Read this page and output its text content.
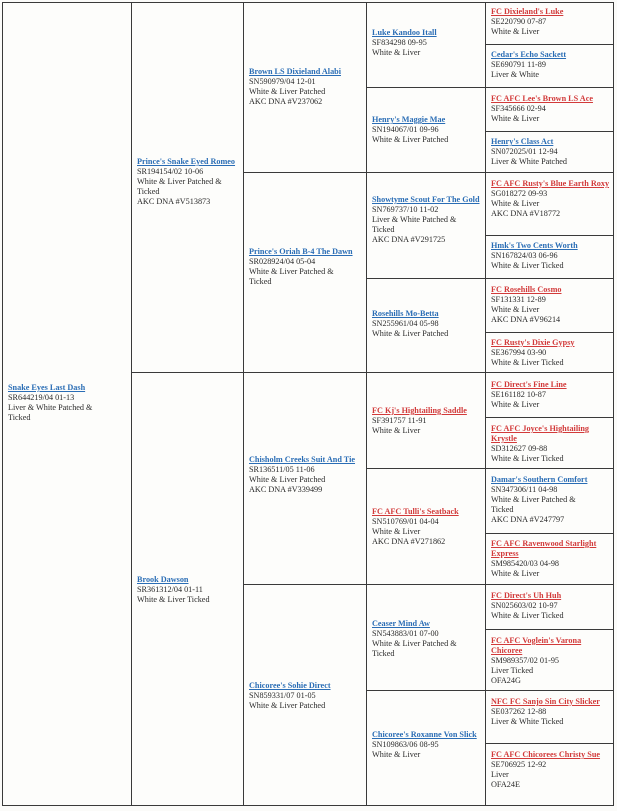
Snake Eyes Last Dash
SR644219/04 01-13
Liver & White Patched &
Ticked
Prince's Snake Eyed Romeo
SR194154/02 10-06
White & Liver Patched &
Ticked
AKC DNA #V513873
Brook Dawson
SR361312/04 01-11
White & Liver Ticked
Brown LS Dixieland Alabi
SN590979/04 12-01
White & Liver Patched
AKC DNA #V237062
Prince's Oriah B-4 The Dawn
SR028924/04 05-04
White & Liver Patched &
Ticked
Chisholm Creeks Suit And Tie
SR136511/05 11-06
White & Liver Patched
AKC DNA #V339499
Chicoree's Sohie Direct
SN859331/07 01-05
White & Liver Patched
Luke Kandoo Itall
SF834298 09-95
White & Liver
Henry's Maggie Mae
SN194067/01 09-96
White & Liver Patched
Showtyme Scout For The Gold
SN769737/10 11-02
Liver & White Patched &
Ticked
AKC DNA #V291725
Rosehills Mo-Betta
SN255961/04 05-98
White & Liver Patched
FC Kj's Hightailing Saddle
SF391757 11-91
White & Liver
FC AFC Tulli's Seatback
SN510769/01 04-04
White & Liver
AKC DNA #V271862
Ceaser Mind Aw
SN543883/01 07-00
White & Liver Patched &
Ticked
Chicoree's Roxanne Von Slick
SN109863/06 08-95
White & Liver
FC Dixieland's Luke
SE220790 07-87
White & Liver
Cedar's Echo Sackett
SE690791 11-89
Liver & White
FC AFC Lee's Brown LS Ace
SF345666 02-94
White & Liver
Henry's Class Act
SN072025/01 12-94
Liver & White Patched
FC AFC Rusty's Blue Earth Roxy
SG018272 09-93
White & Liver
AKC DNA #V18772
Hmk's Two Cents Worth
SN167824/03 06-96
White & Liver Ticked
FC Rosehills Cosmo
SF131331 12-89
White & Liver
AKC DNA #V96214
FC Rusty's Dixie Gypsy
SE367994 03-90
White & Liver Ticked
FC Direct's Fine Line
SE161182 10-87
White & Liver
FC AFC Joyce's Hightailing Krystle
SD312627 09-88
White & Liver Ticked
Damar's Southern Comfort
SN347306/11 04-98
White & Liver Patched &
Ticked
AKC DNA #V247797
FC AFC Ravenwood Starlight Express
SM985420/03 04-98
White & Liver
FC Direct's Uh Huh
SN025603/02 10-97
White & Liver Ticked
FC AFC Voglein's Varona Chicoree
SM989357/02 01-95
Liver Ticked
OFA24G
NFC FC Sanjo Sin City Slicker
SE037262 12-88
Liver & White Ticked
FC AFC Chicorees Christy Sue
SE706925 12-92
Liver
OFA24E
